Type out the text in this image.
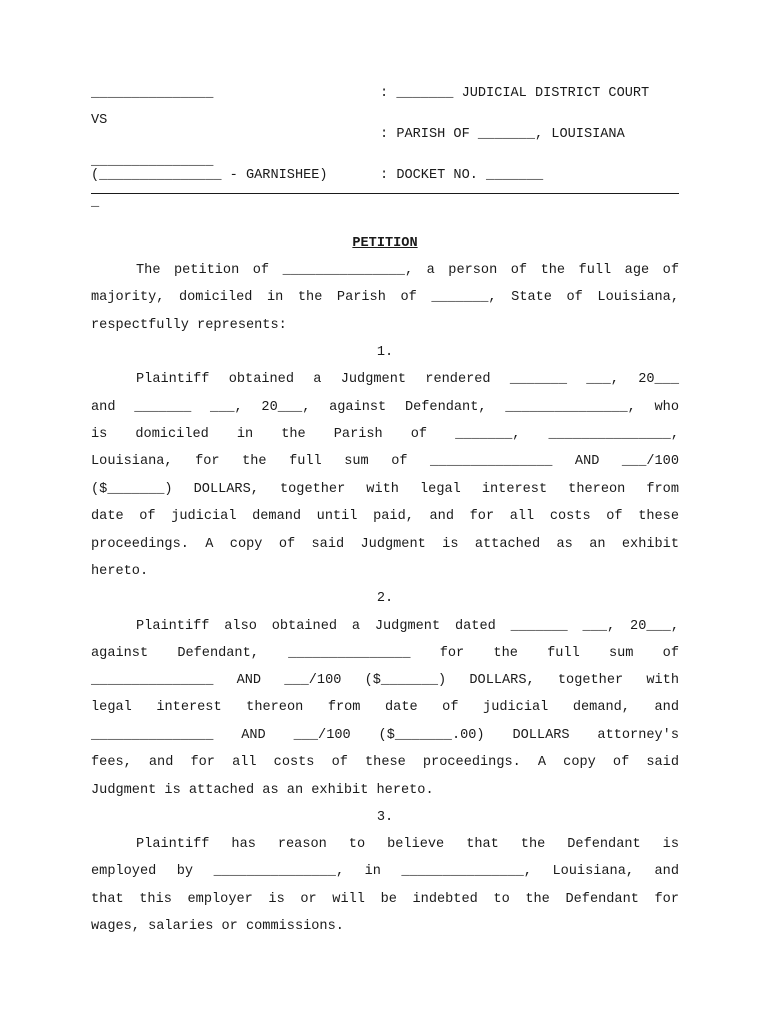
_______________	: _______ JUDICIAL DISTRICT COURT
VS
: PARISH OF _______, LOUISIANA
_______________
(_______________ - GARNISHEE)	: DOCKET NO. _______
_
PETITION
The petition of _______________, a person of the full age of
majority, domiciled in the Parish of _______, State of Louisiana,
respectfully represents:
1.
Plaintiff obtained a Judgment rendered _______ ___, 20___
and _______ ___, 20___, against Defendant, _______________, who
is domiciled in the Parish of _______, _______________,
Louisiana, for the full sum of _______________ AND ___/100
($_______) DOLLARS, together with legal interest thereon from
date of judicial demand until paid, and for all costs of these
proceedings. A copy of said Judgment is attached as an exhibit
hereto.
2.
Plaintiff also obtained a Judgment dated _______ ___, 20___,
against Defendant, _______________ for the full sum of
_______________ AND ___/100 ($_______) DOLLARS, together with
legal interest thereon from date of judicial demand, and
_______________ AND ___/100 ($_______.00) DOLLARS attorney's
fees, and for all costs of these proceedings. A copy of said
Judgment is attached as an exhibit hereto.
3.
Plaintiff has reason to believe that the Defendant is
employed by _______________, in _______________, Louisiana, and
that this employer is or will be indebted to the Defendant for
wages, salaries or commissions.
